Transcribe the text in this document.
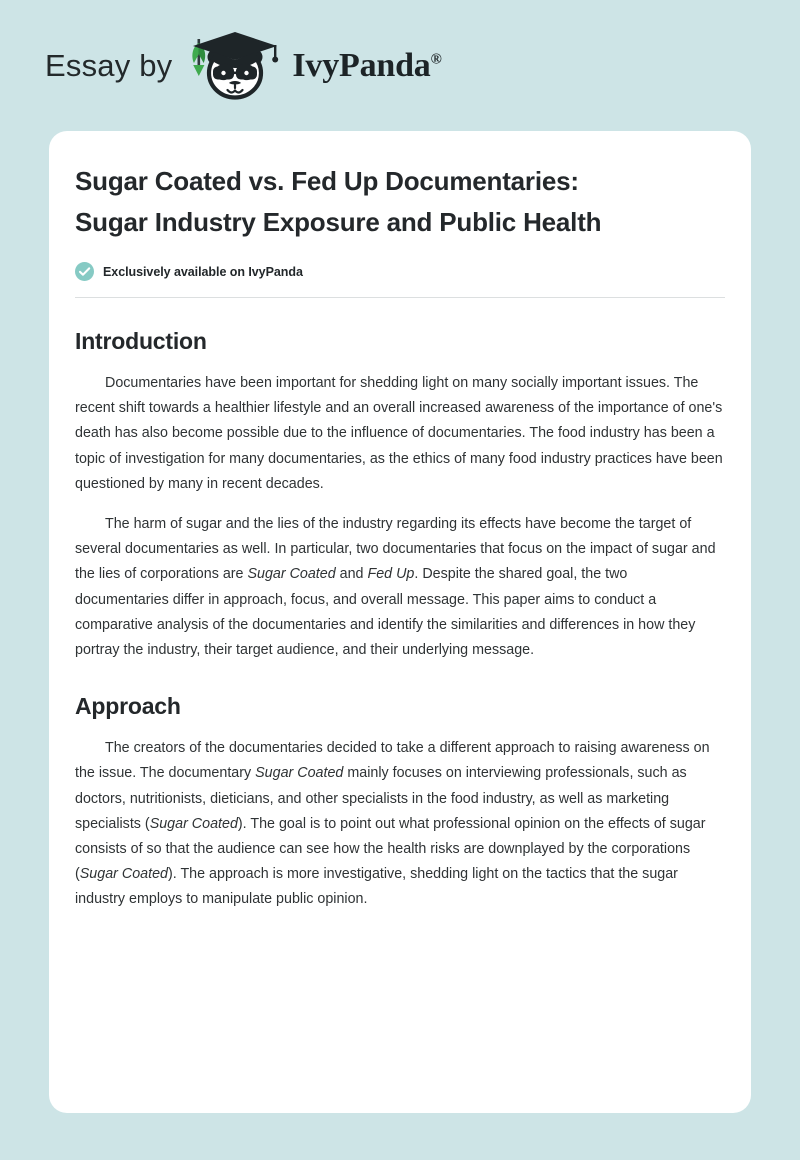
Essay by	IvyPanda®
Sugar Coated vs. Fed Up Documentaries: Sugar Industry Exposure and Public Health
Exclusively available on IvyPanda
Introduction

Documentaries have been important for shedding light on many socially important issues. The recent shift towards a healthier lifestyle and an overall increased awareness of the importance of one's death has also become possible due to the influence of documentaries. The food industry has been a topic of investigation for many documentaries, as the ethics of many food industry practices have been questioned by many in recent decades.

The harm of sugar and the lies of the industry regarding its effects have become the target of several documentaries as well. In particular, two documentaries that focus on the impact of sugar and the lies of corporations are Sugar Coated and Fed Up. Despite the shared goal, the two documentaries differ in approach, focus, and overall message. This paper aims to conduct a comparative analysis of the documentaries and identify the similarities and differences in how they portray the industry, their target audience, and their underlying message.

Approach

The creators of the documentaries decided to take a different approach to raising awareness on the issue. The documentary Sugar Coated mainly focuses on interviewing professionals, such as doctors, nutritionists, dieticians, and other specialists in the food industry, as well as marketing specialists (Sugar Coated). The goal is to point out what professional opinion on the effects of sugar consists of so that the audience can see how the health risks are downplayed by the corporations (Sugar Coated). The approach is more investigative, shedding light on the tactics that the sugar industry employs to manipulate public opinion.
